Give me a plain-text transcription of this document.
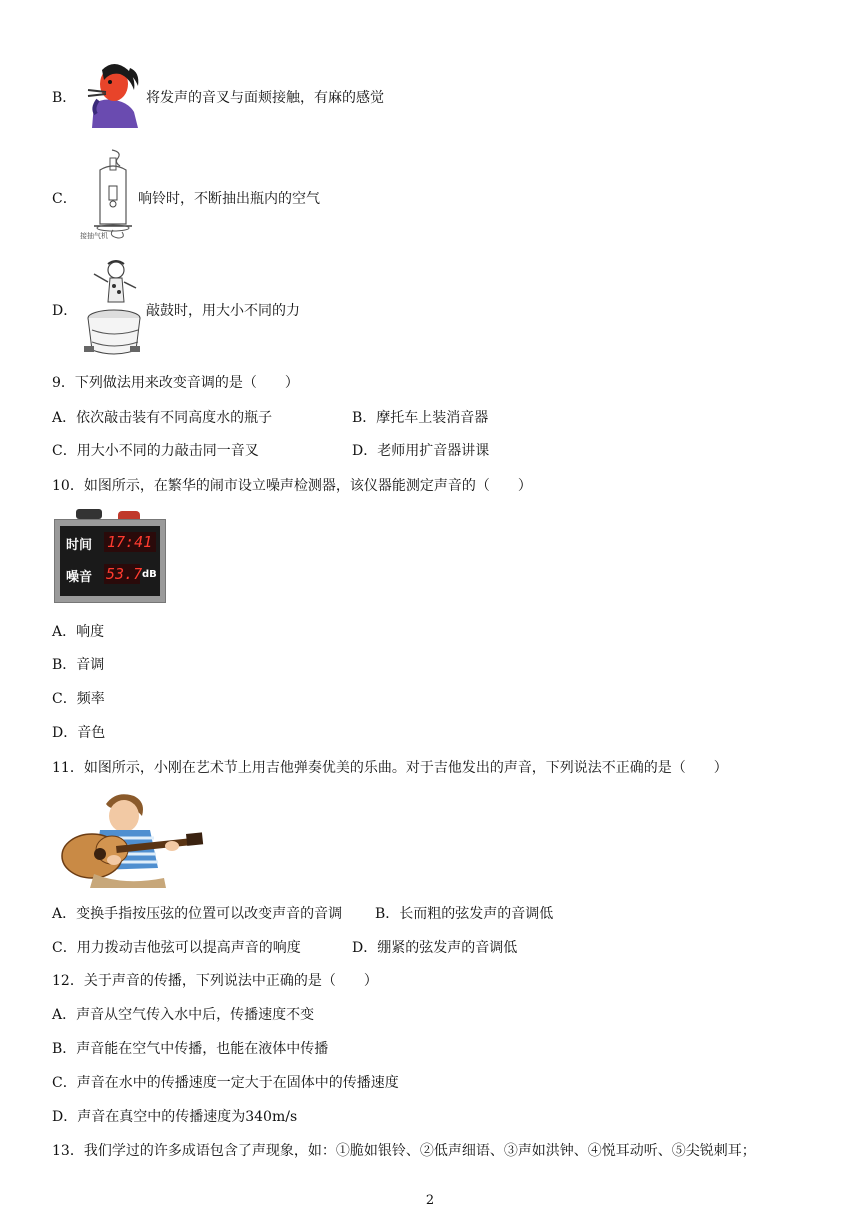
B．	将发声的音叉与面颊接触，有麻的感觉
C．
接抽气机
响铃时，不断抽出瓶内的空气
D．	敲鼓时，用大小不同的力
9．下列做法用来改变音调的是（　　）
A．依次敲击装有不同高度水的瓶子	B．摩托车上装消音器
C．用大小不同的力敲击同一音叉	D．老师用扩音器讲课
10．如图所示，在繁华的闹市设立噪声检测器，该仪器能测定声音的（　　）
时间 17:41
噪音 53.7 dB
A．响度
B．音调
C．频率
D．音色
11．如图所示，小刚在艺术节上用吉他弹奏优美的乐曲。对于吉他发出的声音，下列说法不正确的是（　　）
A．变换手指按压弦的位置可以改变声音的音调 B．长而粗的弦发声的音调低
C．用力拨动吉他弦可以提高声音的响度	D．绷紧的弦发声的音调低
12．关于声音的传播，下列说法中正确的是（　　）
A．声音从空气传入水中后，传播速度不变
B．声音能在空气中传播，也能在液体中传播
C．声音在水中的传播速度一定大于在固体中的传播速度
D．声音在真空中的传播速度为340m/s
13．我们学过的许多成语包含了声现象，如：①脆如银铃、②低声细语、③声如洪钟、④悦耳动听、⑤尖锐刺耳；
2
